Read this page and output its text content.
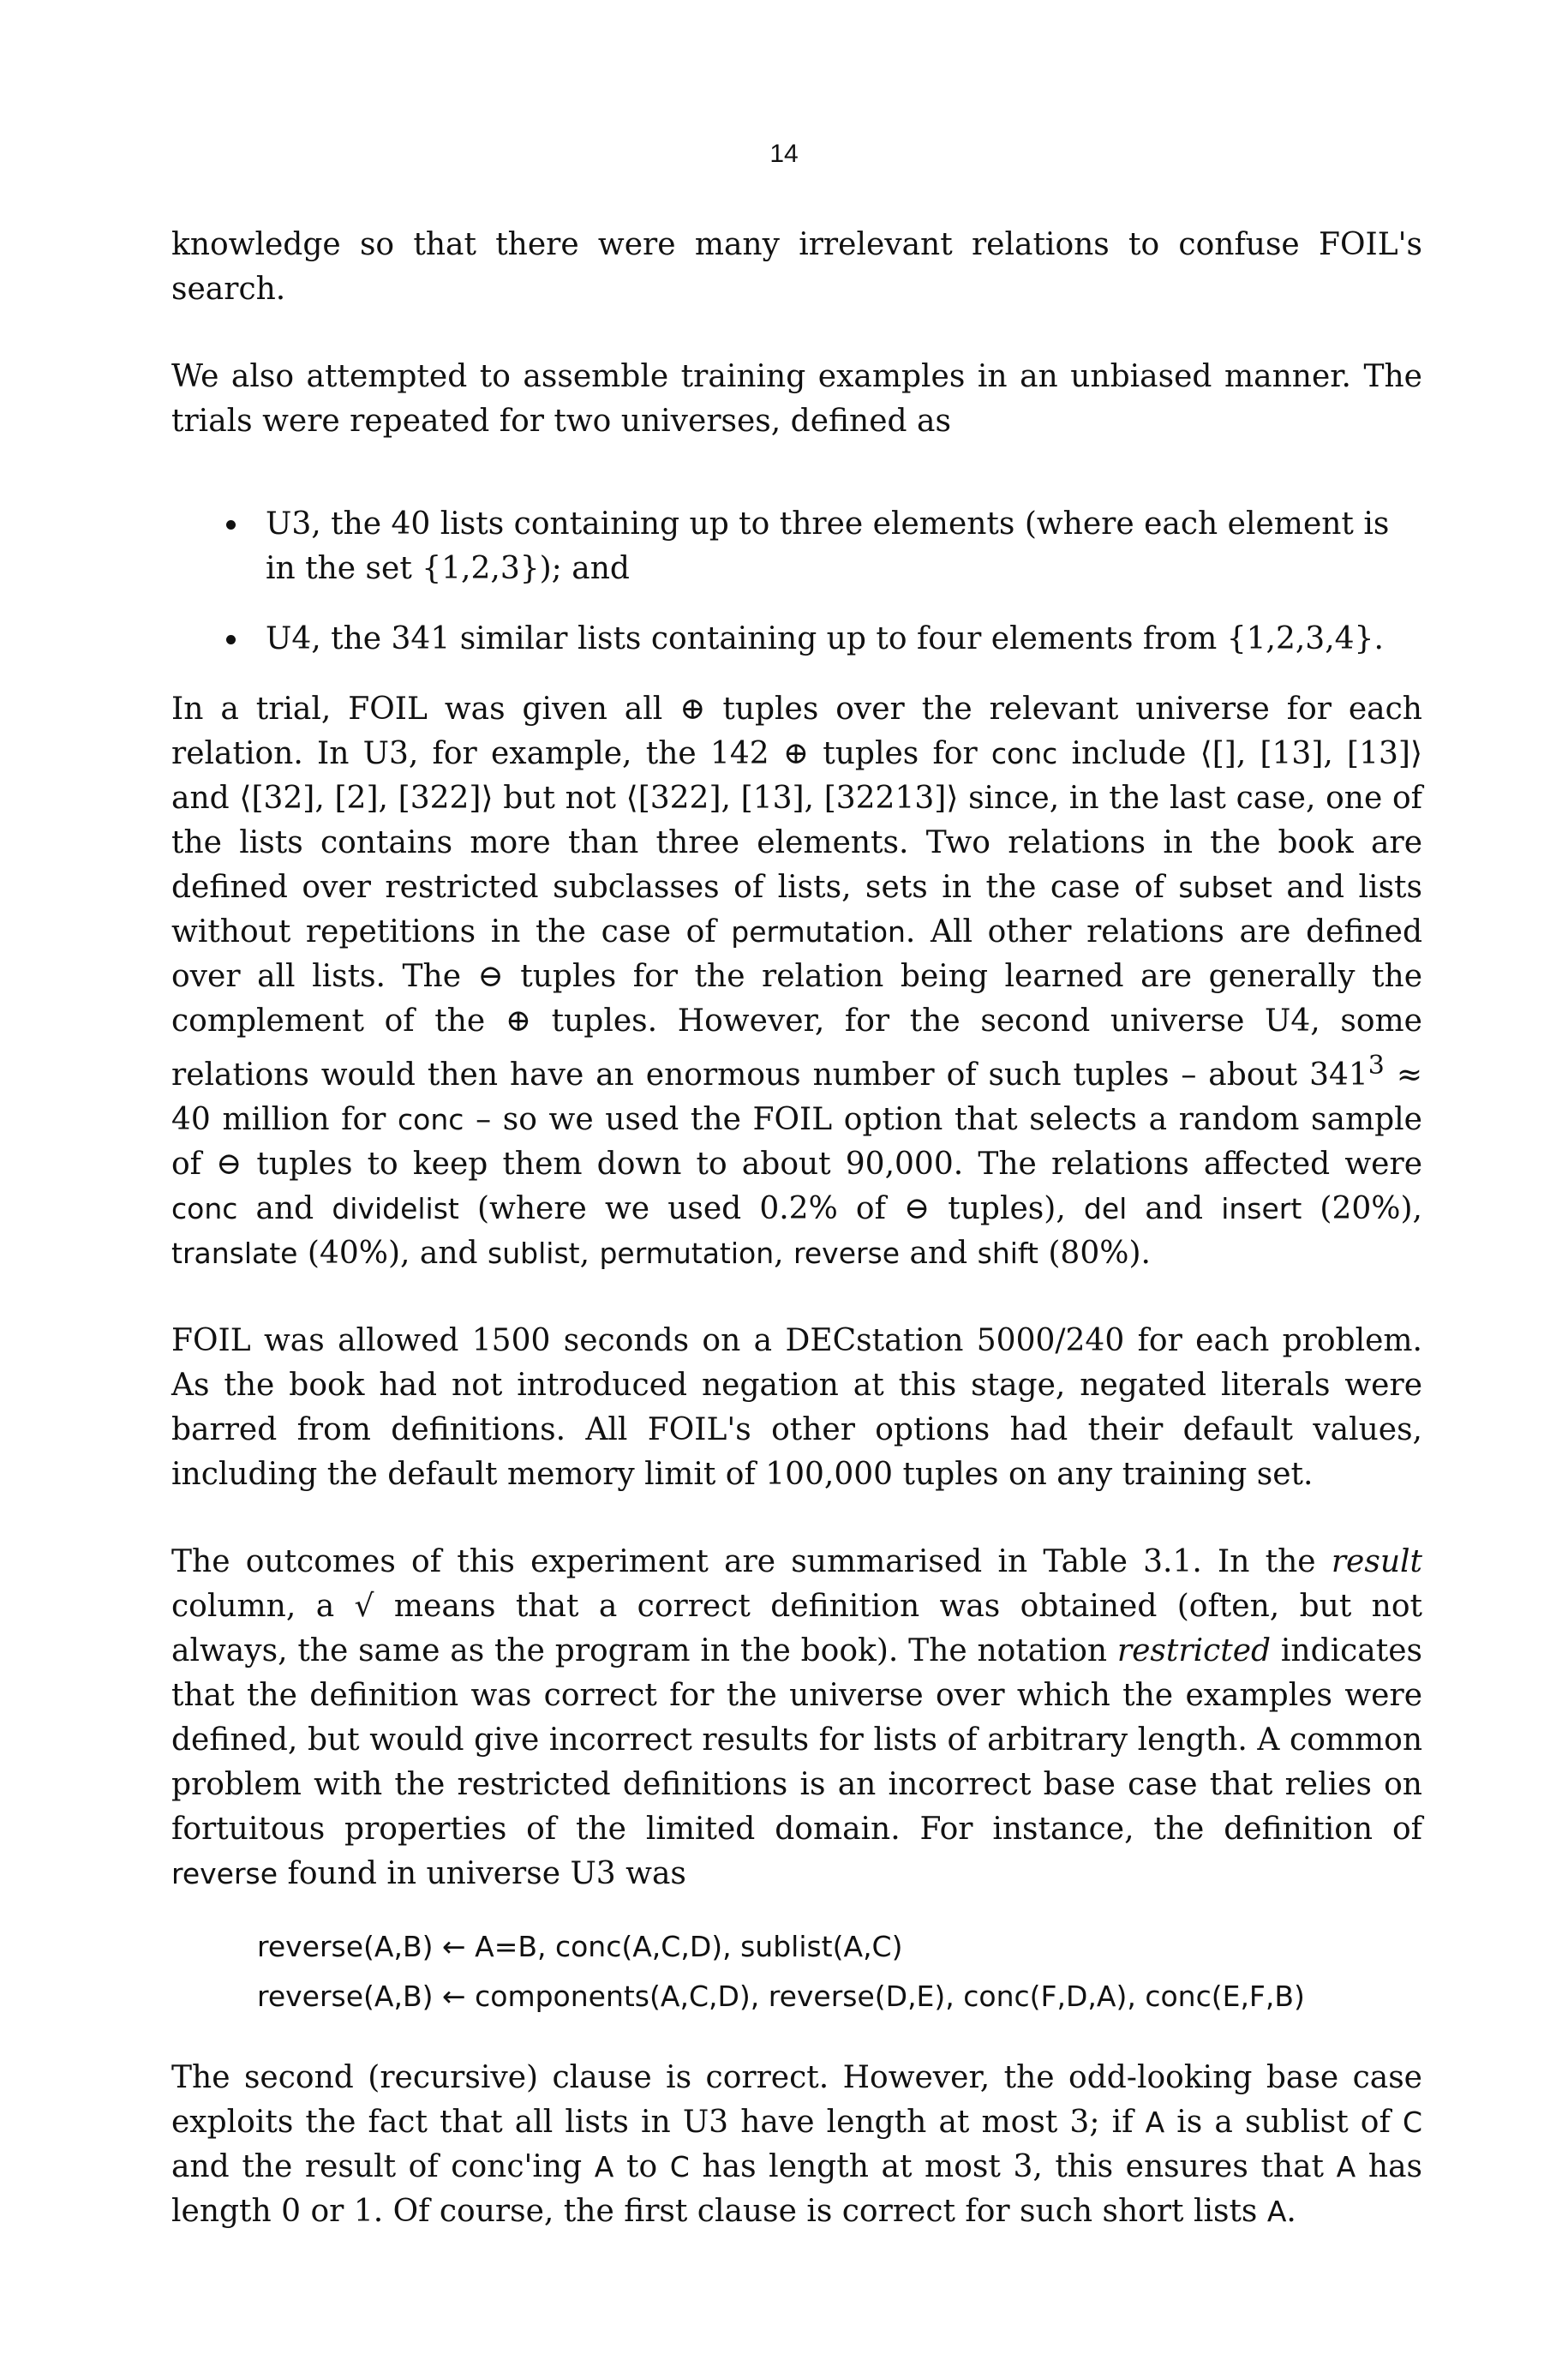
14

knowledge so that there were many irrelevant relations to confuse FOIL's search.

We also attempted to assemble training examples in an unbiased manner. The trials were repeated for two universes, defined as

U3, the 40 lists containing up to three elements (where each element is in the set {1,2,3}); and
U4, the 341 similar lists containing up to four elements from {1,2,3,4}.

In a trial, FOIL was given all ⊕ tuples over the relevant universe for each relation. In U3, for example, the 142 ⊕ tuples for conc include ⟨[], [13], [13]⟩ and ⟨[32], [2], [322]⟩ but not ⟨[322], [13], [32213]⟩ since, in the last case, one of the lists contains more than three elements. Two relations in the book are defined over restricted subclasses of lists, sets in the case of subset and lists without repetitions in the case of permutation. All other relations are defined over all lists. The ⊖ tuples for the relation being learned are generally the complement of the ⊕ tuples. However, for the second universe U4, some relations would then have an enormous number of such tuples – about $341^3 \approx 40$ million for conc – so we used the FOIL option that selects a random sample of ⊖ tuples to keep them down to about 90,000. The relations affected were conc and dividelist (where we used 0.2% of ⊖ tuples), del and insert (20%), translate (40%), and sublist, permutation, reverse and shift (80%).

FOIL was allowed 1500 seconds on a DECstation 5000/240 for each problem. As the book had not introduced negation at this stage, negated literals were barred from definitions. All FOIL's other options had their default values, including the default memory limit of 100,000 tuples on any training set.

The outcomes of this experiment are summarised in Table 3.1. In the result column, a √ means that a correct definition was obtained (often, but not always, the same as the program in the book). The notation restricted indicates that the definition was correct for the universe over which the examples were defined, but would give incorrect results for lists of arbitrary length. A common problem with the restricted definitions is an incorrect base case that relies on fortuitous properties of the limited domain. For instance, the definition of reverse found in universe U3 was

reverse(A,B) ← A=B, conc(A,C,D), sublist(A,C)
reverse(A,B) ← components(A,C,D), reverse(D,E), conc(F,D,A), conc(E,F,B)

The second (recursive) clause is correct. However, the odd-looking base case exploits the fact that all lists in U3 have length at most 3; if A is a sublist of C and the result of conc'ing A to C has length at most 3, this ensures that A has length 0 or 1. Of course, the first clause is correct for such short lists A.
